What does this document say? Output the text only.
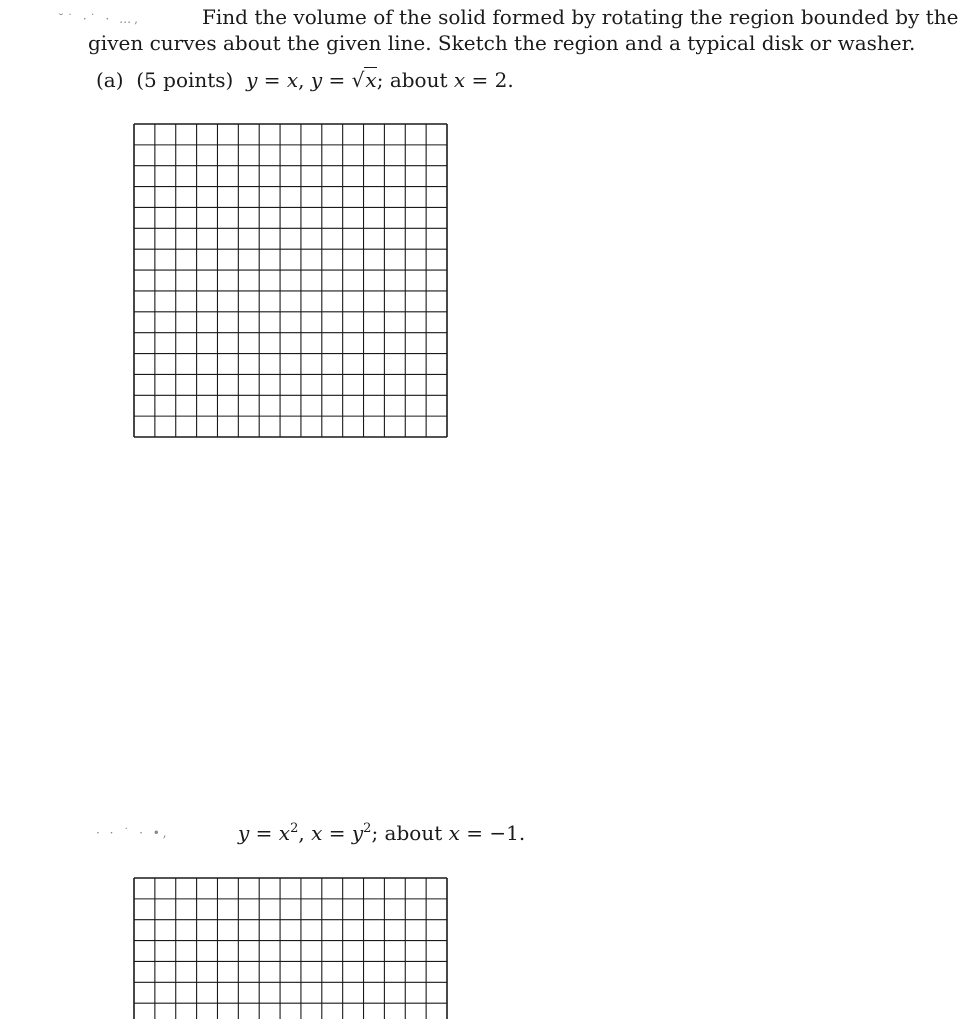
˘˙ ·˙ · …,	Find the volume of the solid formed by rotating the region bounded by the
given curves about the given line. Sketch the region and a typical disk or washer.
(a) (5 points) y = x, y = √x; about x = 2.
· · ˙ · •,	$y = x^2$, $x = y^2$; about x = −1.
